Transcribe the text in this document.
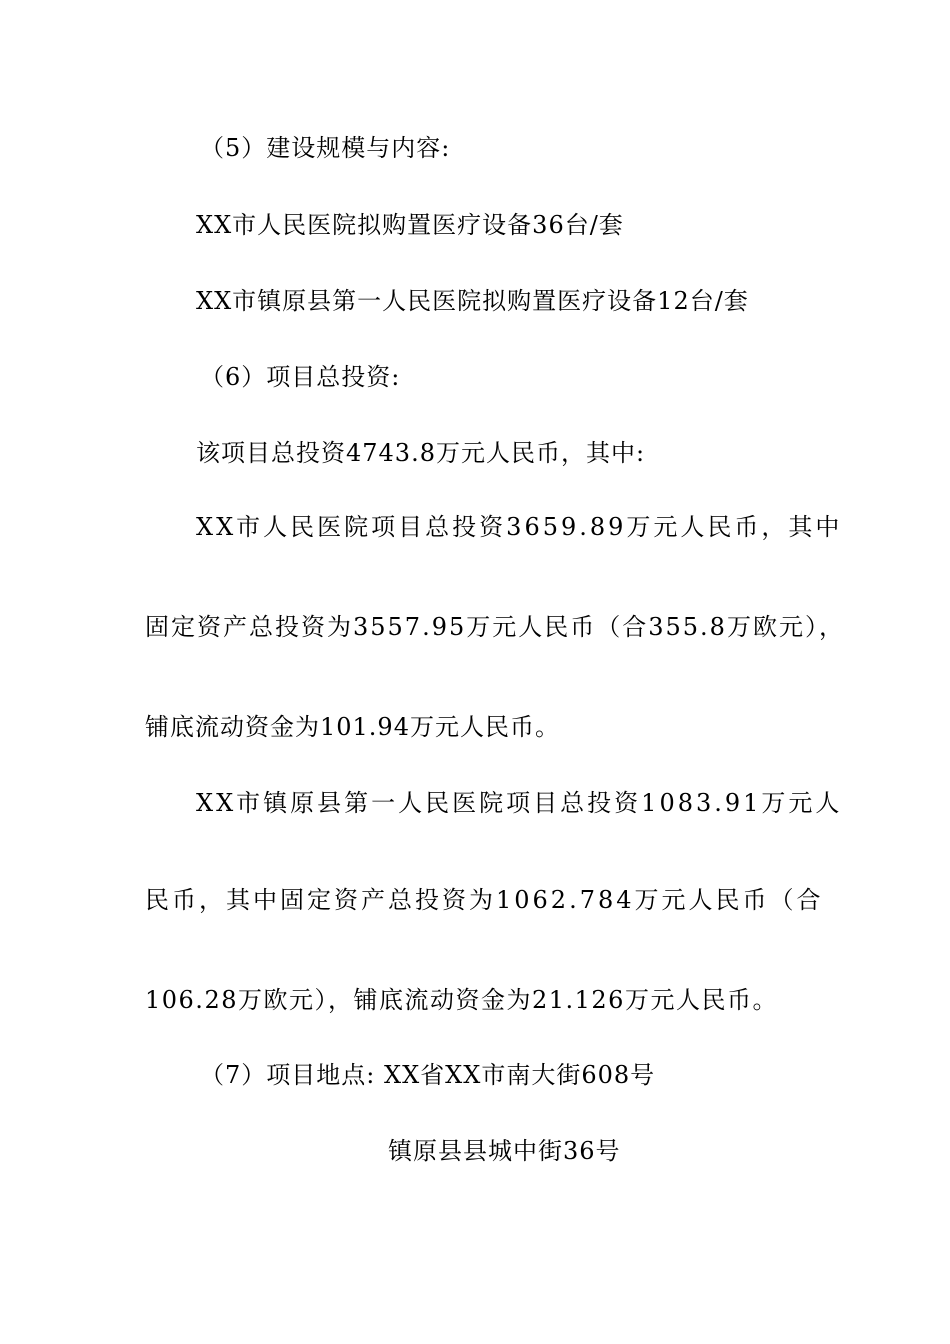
（5）建设规模与内容:
XX市人民医院拟购置医疗设备36台/套
XX市镇原县第一人民医院拟购置医疗设备12台/套
（6）项目总投资:
该项目总投资4743.8万元人民币，其中:
XX市人民医院项目总投资3659.89万元人民币，其中
固定资产总投资为3557.95万元人民币（合355.8万欧元），
铺底流动资金为101.94万元人民币。
XX市镇原县第一人民医院项目总投资1083.91万元人
民币，其中固定资产总投资为1062.784万元人民币（合
106.28万欧元），铺底流动资金为21.126万元人民币。
（7）项目地点: XX省XX市南大街608号
镇原县县城中街36号
